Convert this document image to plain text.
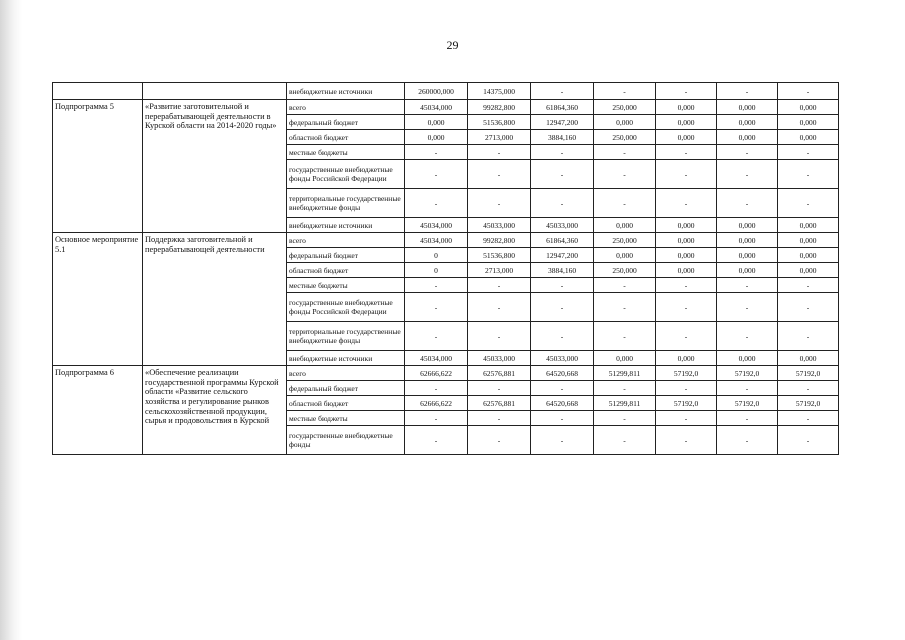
29
		внебюджетные источники	260000,000	14375,000	-	-	-	-	-
Подпрограмма 5	«Развитие заготовительной и перерабатывающей деятельности в Курской области на 2014-2020 годы»	всего	45034,000	99282,800	61864,360	250,000	0,000	0,000	0,000
		федеральный бюджет	0,000	51536,800	12947,200	0,000	0,000	0,000	0,000
		областной бюджет	0,000	2713,000	3884,160	250,000	0,000	0,000	0,000
		местные бюджеты	-	-	-	-	-	-	-
		государственные внебюджетные фонды Российской Федерации	-	-	-	-	-	-	-
		территориальные государственные внебюджетные фонды	-	-	-	-	-	-	-
		внебюджетные источники	45034,000	45033,000	45033,000	0,000	0,000	0,000	0,000
Основное мероприятие 5.1	Поддержка заготовительной и перерабатывающей деятельности	всего	45034,000	99282,800	61864,360	250,000	0,000	0,000	0,000
		федеральный бюджет	0	51536,800	12947,200	0,000	0,000	0,000	0,000
		областной бюджет	0	2713,000	3884,160	250,000	0,000	0,000	0,000
		местные бюджеты	-	-	-	-	-	-	-
		государственные внебюджетные фонды Российской Федерации	-	-	-	-	-	-	-
		территориальные государственные внебюджетные фонды	-	-	-	-	-	-	-
		внебюджетные источники	45034,000	45033,000	45033,000	0,000	0,000	0,000	0,000
Подпрограмма 6	«Обеспечение реализации государственной программы Курской области «Развитие сельского хозяйства и регулирование рынков сельскохозяйственной продукции, сырья и продовольствия в Курской	всего	62666,622	62576,881	64520,668	51299,811	57192,0	57192,0	57192,0
		федеральный бюджет	-	-	-	-	-	-	-
		областной бюджет	62666,622	62576,881	64520,668	51299,811	57192,0	57192,0	57192,0
		местные бюджеты	-	-	-	-	-	-	-
		государственные внебюджетные фонды	-	-	-	-	-	-	-
